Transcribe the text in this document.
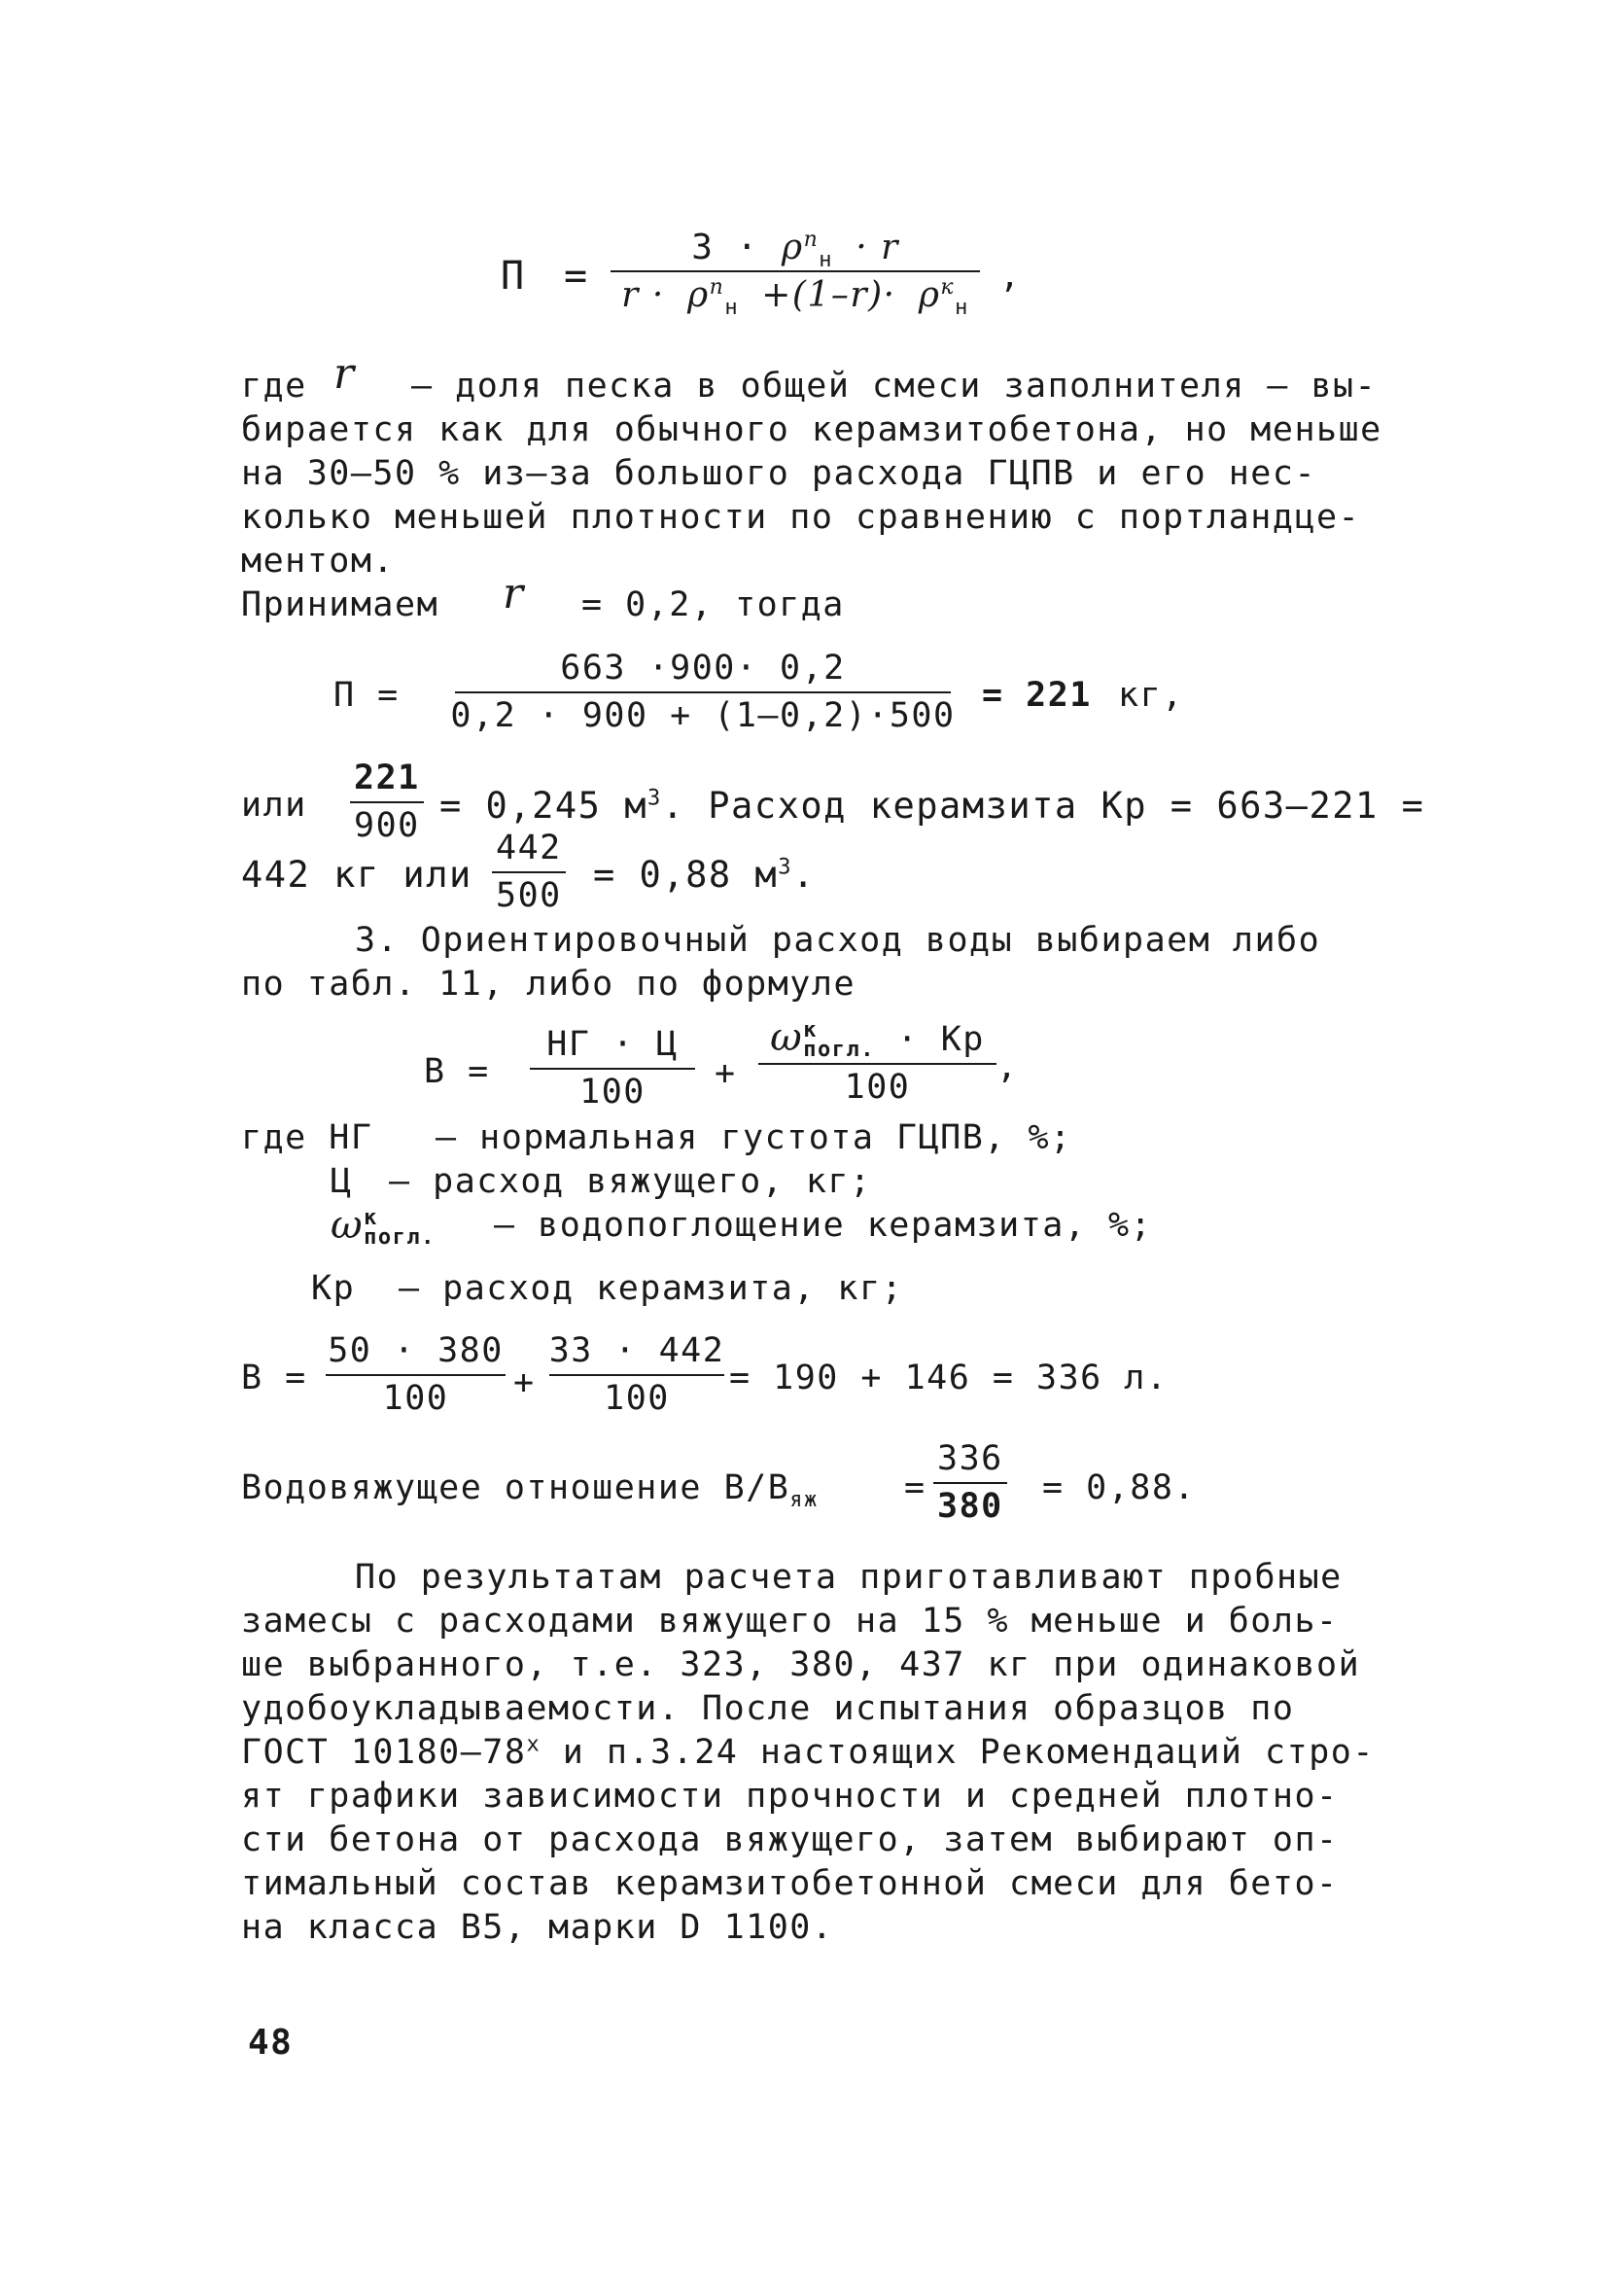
П =
$3 \cdot \rho^п_н \cdot r$
$r \cdot \rho^п_н +(1-r)\cdot \rho^к_н$
,
где r – доля песка в общей смеси заполнителя – вы-
бирается как для обычного керамзитобетона, но меньше
на 30–50 % из–за большого расхода ГЦПВ и его нес-
колько меньшей плотности по сравнению с портландце-
ментом.
Принимаем r = 0,2, тогда
П =
663 ·900· 0,2
0,2 · 900 + (1–0,2)·500
= 221 кг,
или
221
900 = 0,245 $м^3$. Расход керамзита Кр = 663–221 =
442 кг или
442
500 = 0,88 $м^3$.
3. Ориентировочный расход воды выбираем либо
по табл. 11, либо по формуле
В =
НГ · Ц
100 +
ω к
погл. · Кр
100
,
где НГ – нормальная густота ГЦПВ, %;
Ц – расход вяжущего, кг;
ω к
погл. – водопоглощение керамзита, %;
Кр – расход керамзита, кг;
В =
50 · 380
100 +
33 · 442
100
= 190 + 146 = 336 л.
Водовяжущее отношение $В/В_{яж}$	=
336
380 = 0,88.
По результатам расчета приготавливают пробные
замесы с расходами вяжущего на 15 % меньше и боль-
ше выбранного, т.е. 323, 380, 437 кг при одинаковой
удобоукладываемости. После испытания образцов по
ГОСТ $10180-78^х$ и п.3.24 настоящих Рекомендаций стро-
ят графики зависимости прочности и средней плотно-
сти бетона от расхода вяжущего, затем выбирают оп-
тимальный состав керамзитобетонной смеси для бето-
на класса В5, марки D 1100.
48
